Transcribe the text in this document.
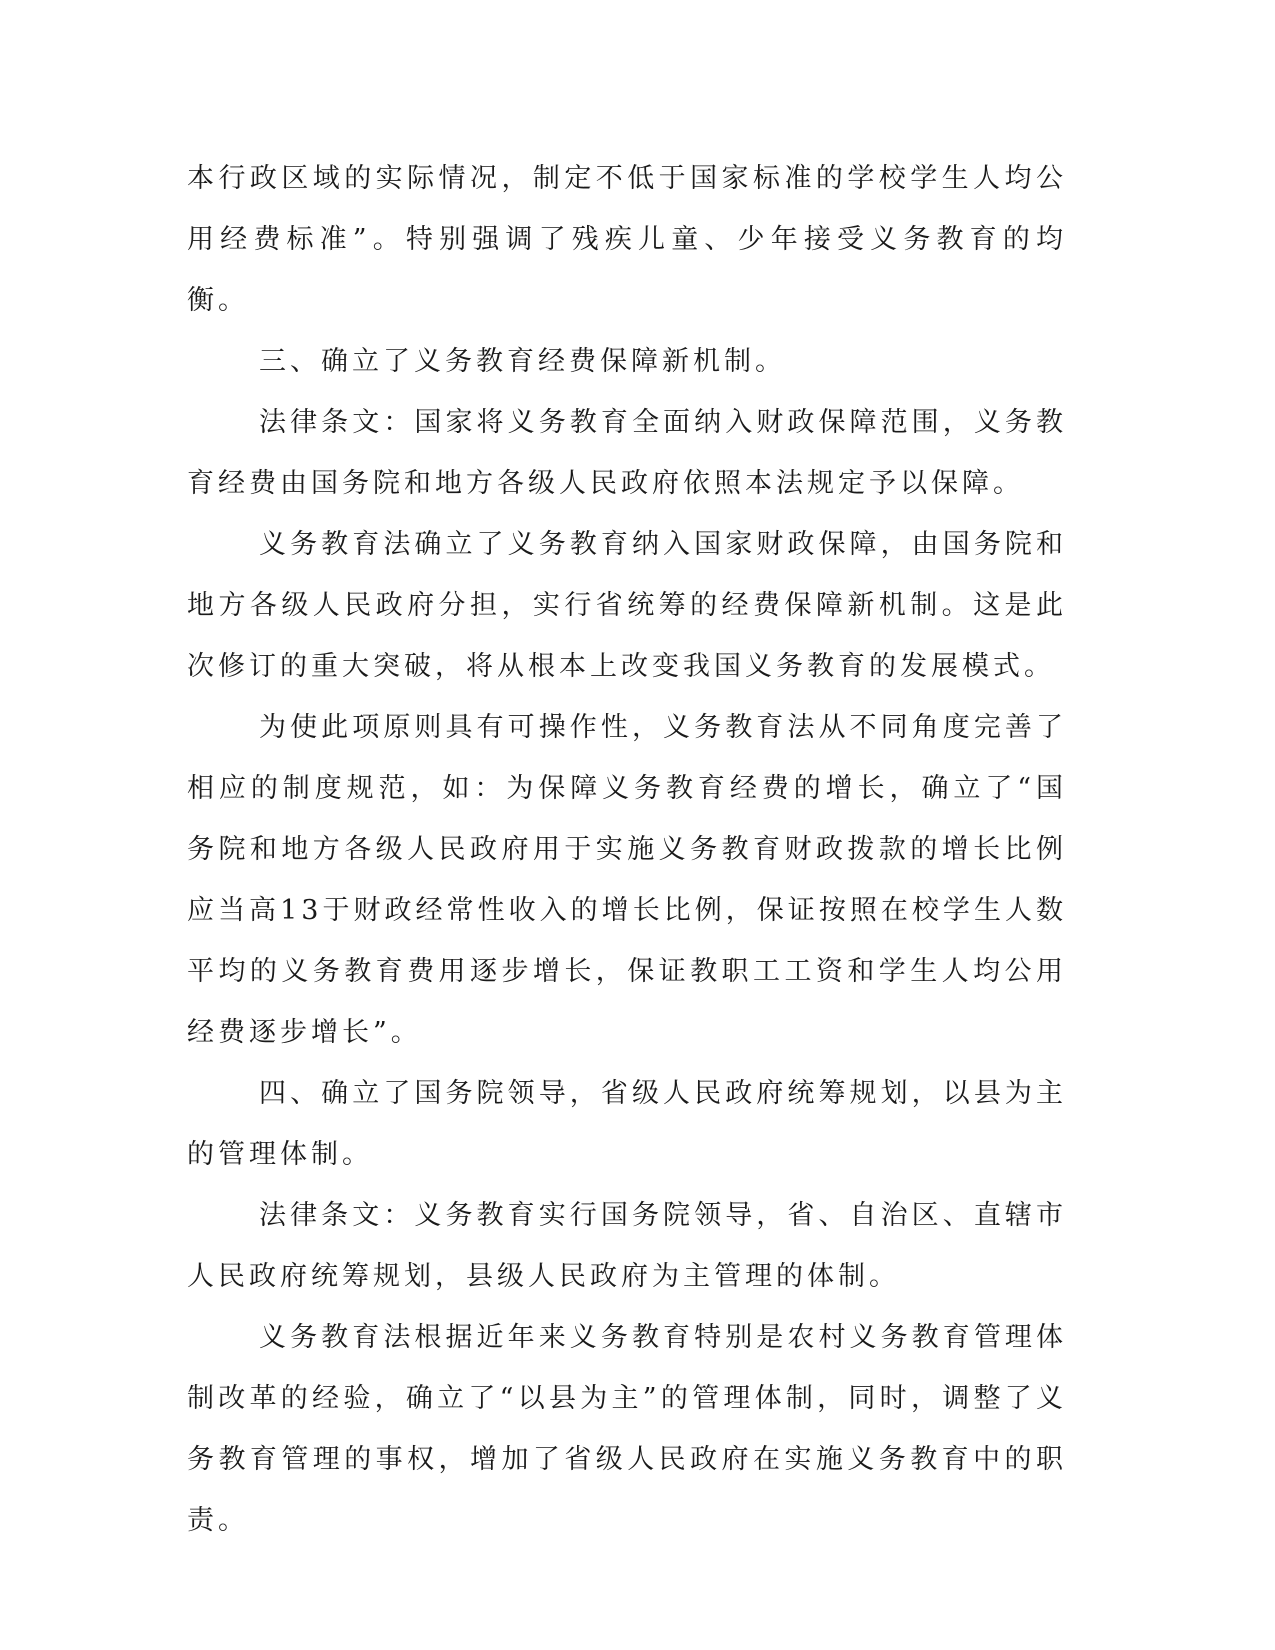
本行政区域的实际情况，制定不低于国家标准的学校学生人均公用经费标准”。特别强调了残疾儿童、少年接受义务教育的均衡。

三、确立了义务教育经费保障新机制。

法律条文：国家将义务教育全面纳入财政保障范围，义务教育经费由国务院和地方各级人民政府依照本法规定予以保障。

义务教育法确立了义务教育纳入国家财政保障，由国务院和地方各级人民政府分担，实行省统筹的经费保障新机制。这是此次修订的重大突破，将从根本上改变我国义务教育的发展模式。

为使此项原则具有可操作性，义务教育法从不同角度完善了相应的制度规范，如：为保障义务教育经费的增长，确立了“国务院和地方各级人民政府用于实施义务教育财政拨款的增长比例应当高13于财政经常性收入的增长比例，保证按照在校学生人数平均的义务教育费用逐步增长，保证教职工工资和学生人均公用经费逐步增长”。

四、确立了国务院领导，省级人民政府统筹规划，以县为主的管理体制。

法律条文：义务教育实行国务院领导，省、自治区、直辖市人民政府统筹规划，县级人民政府为主管理的体制。

义务教育法根据近年来义务教育特别是农村义务教育管理体制改革的经验，确立了“以县为主”的管理体制，同时，调整了义务教育管理的事权，增加了省级人民政府在实施义务教育中的职责。
